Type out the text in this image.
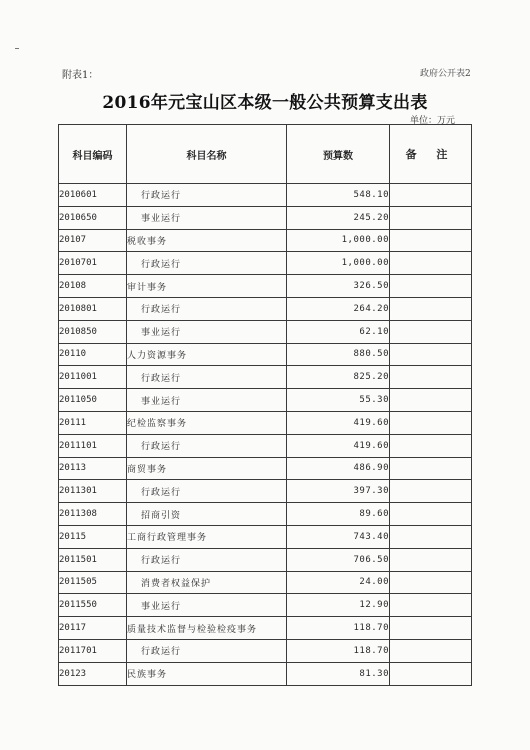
附表1：	政府公开表2
2016年元宝山区本级一般公共预算支出表
单位：万元
科目编码	科目名称	预算数	备 注
2010601	行政运行	548.10	
2010650	事业运行	245.20	
20107	税收事务	1,000.00	
2010701	行政运行	1,000.00	
20108	审计事务	326.50	
2010801	行政运行	264.20	
2010850	事业运行	62.10	
20110	人力资源事务	880.50	
2011001	行政运行	825.20	
2011050	事业运行	55.30	
20111	纪检监察事务	419.60	
2011101	行政运行	419.60	
20113	商贸事务	486.90	
2011301	行政运行	397.30	
2011308	招商引资	89.60	
20115	工商行政管理事务	743.40	
2011501	行政运行	706.50	
2011505	消费者权益保护	24.00	
2011550	事业运行	12.90	
20117	质量技术监督与检验检疫事务	118.70	
2011701	行政运行	118.70	
20123	民族事务	81.30	
